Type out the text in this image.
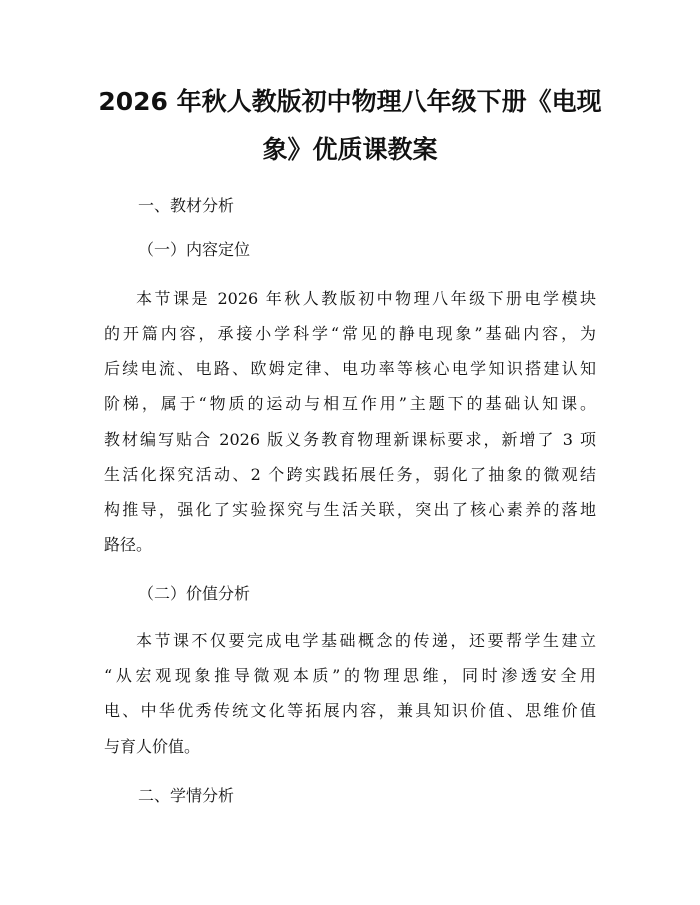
2026 年秋人教版初中物理八年级下册《电现
象》优质课教案
一、教材分析
（一）内容定位
本节课是 2026 年秋人教版初中物理八年级下册电学模块
的开篇内容，承接小学科学“常见的静电现象”基础内容，为
后续电流、电路、欧姆定律、电功率等核心电学知识搭建认知
阶梯，属于“物质的运动与相互作用”主题下的基础认知课。
教材编写贴合 2026 版义务教育物理新课标要求，新增了 3 项
生活化探究活动、2 个跨实践拓展任务，弱化了抽象的微观结
构推导，强化了实验探究与生活关联，突出了核心素养的落地
路径。
（二）价值分析
本节课不仅要完成电学基础概念的传递，还要帮学生建立
“从宏观现象推导微观本质”的物理思维，同时渗透安全用
电、中华优秀传统文化等拓展内容，兼具知识价值、思维价值
与育人价值。
二、学情分析
